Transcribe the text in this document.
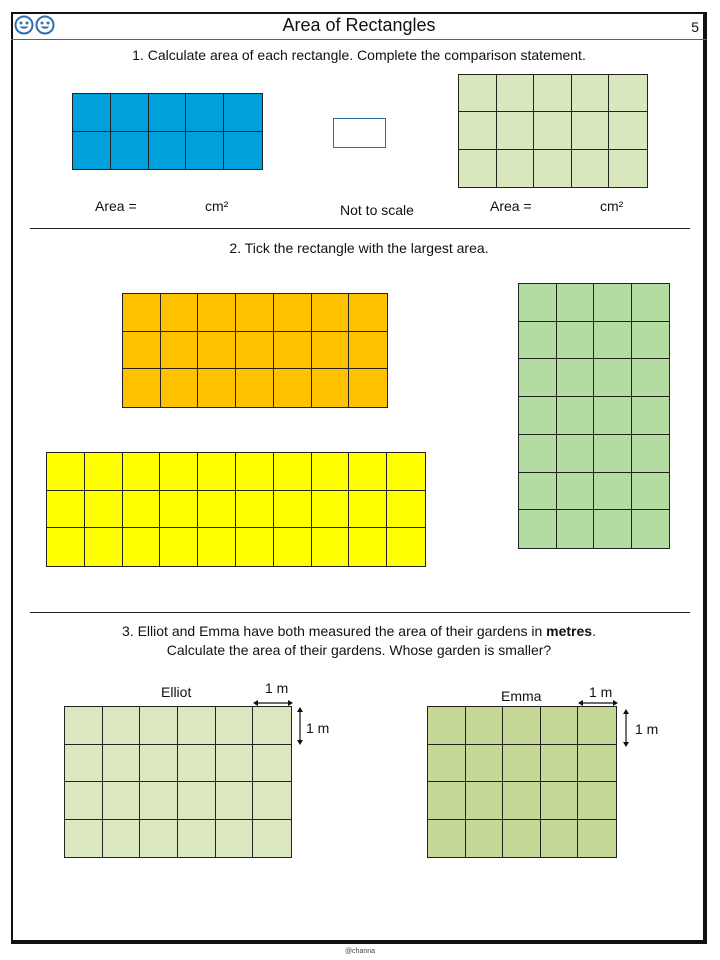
Area of Rectangles	5
1. Calculate area of each rectangle. Complete the comparison statement.
Area =	cm²	Not to scale	Area =	cm²
2. Tick the rectangle with the largest area.
3. Elliot and Emma have both measured the area of their gardens in metres.
Calculate the area of their gardens. Whose garden is smaller?
Elliot	1 m
1 m
Emma	1 m
1 m
@channa
